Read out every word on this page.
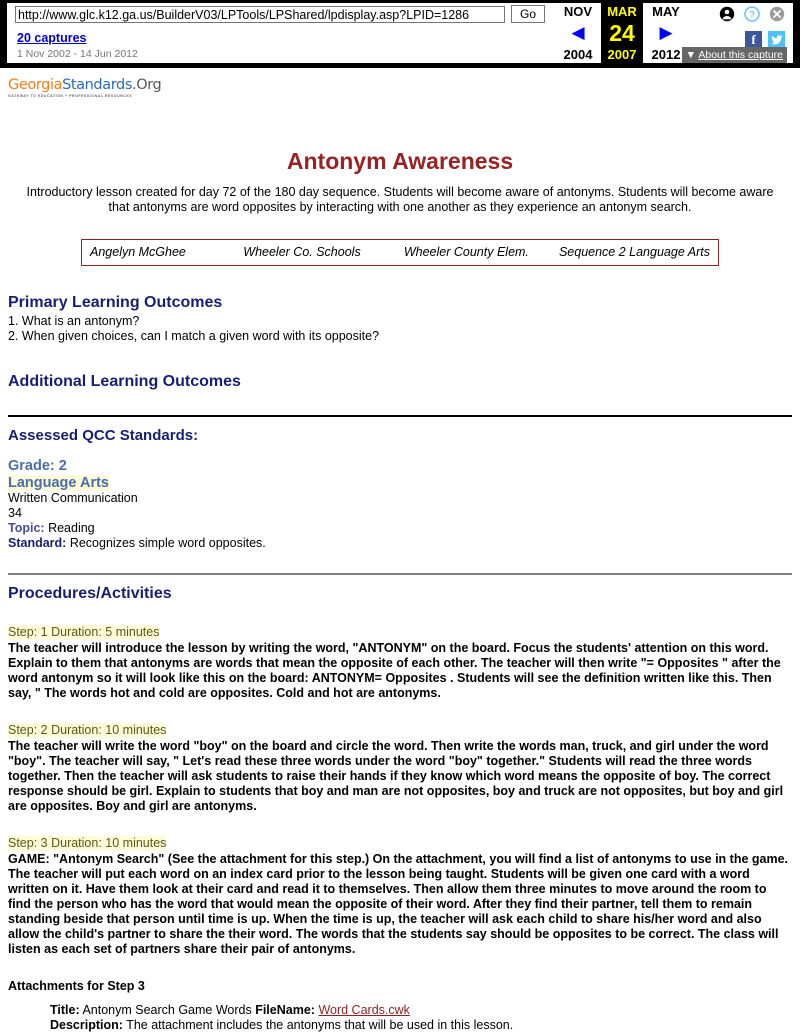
http://www.glc.k12.ga.us/BuilderV03/LPTools/LPShared/lpdisplay.asp?LPID=1286	Go
20 captures
1 Nov 2002 - 14 Jun 2012
NOV
◀
2004
MAR
24
2007
MAY
▶
2012
?
f
▼ About this capture
GeorgiaStandards.Org
GATEWAY TO EDUCATION + PROFESSIONAL RESOURCES
Antonym Awareness
Introductory lesson created for day 72 of the 180 day sequence. Students will become aware of antonyms. Students will become aware that antonyms are word opposites by interacting with one another as they experience an antonym search.
Angelyn McGhee	Wheeler Co. Schools	Wheeler County Elem.	Sequence 2 Language Arts
Primary Learning Outcomes
1. What is an antonym?
2. When given choices, can I match a given word with its opposite?
Additional Learning Outcomes
Assessed QCC Standards:
Grade: 2
Language Arts
Written Communication
34
Topic: Reading
Standard: Recognizes simple word opposites.
Procedures/Activities
Step: 1 Duration: 5 minutes
The teacher will introduce the lesson by writing the word, "ANTONYM" on the board. Focus the students' attention on this word. Explain to them that antonyms are words that mean the opposite of each other. The teacher will then write "= Opposites " after the word antonym so it will look like this on the board: ANTONYM= Opposites . Students will see the definition written like this. Then say, " The words hot and cold are opposites. Cold and hot are antonyms.
Step: 2 Duration: 10 minutes
The teacher will write the word "boy" on the board and circle the word. Then write the words man, truck, and girl under the word "boy". The teacher will say, " Let's read these three words under the word "boy" together." Students will read the three words together. Then the teacher will ask students to raise their hands if they know which word means the opposite of boy. The correct response should be girl. Explain to students that boy and man are not opposites, boy and truck are not opposites, but boy and girl are opposites. Boy and girl are antonyms.
Step: 3 Duration: 10 minutes
GAME: "Antonym Search" (See the attachment for this step.) On the attachment, you will find a list of antonyms to use in the game. The teacher will put each word on an index card prior to the lesson being taught. Students will be given one card with a word written on it. Have them look at their card and read it to themselves. Then allow them three minutes to move around the room to find the person who has the word that would mean the opposite of their word. After they find their partner, tell them to remain standing beside that person until time is up. When the time is up, the teacher will ask each child to share his/her word and also allow the child's partner to share the their word. The words that the students say should be opposites to be correct. The class will listen as each set of partners share their pair of antonyms.
Attachments for Step 3
Title: Antonym Search Game Words FileName: Word Cards.cwk
Description: The attachment includes the antonyms that will be used in this lesson.
